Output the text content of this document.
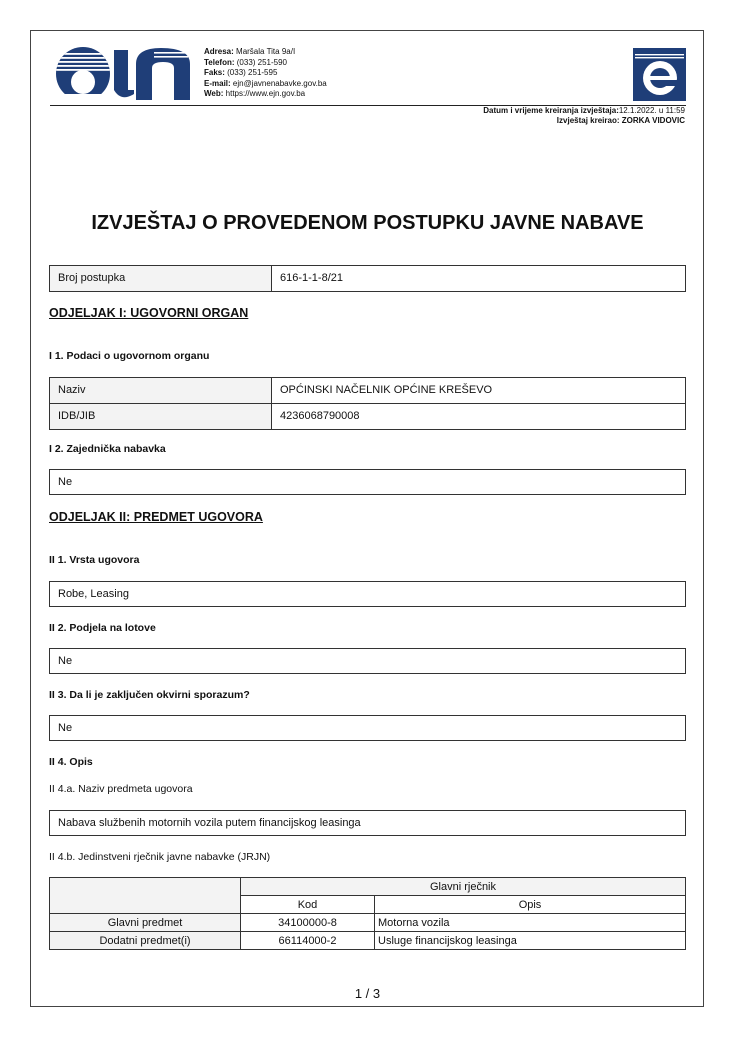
Adresa: Maršala Tita 9a/I
Telefon: (033) 251-590
Faks: (033) 251-595
E-mail: ejn@javnenabavke.gov.ba
Web: https://www.ejn.gov.ba
Datum i vrijeme kreiranja izvještaja:12.1.2022. u 11:59
Izvještaj kreirao: ZORKA VIDOVIC
IZVJEŠTAJ O PROVEDENOM POSTUPKU JAVNE NABAVE
Broj postupka	616-1-1-8/21
ODJELJAK I: UGOVORNI ORGAN
I 1. Podaci o ugovornom organu
Naziv	OPĆINSKI NAČELNIK OPĆINE KREŠEVO
IDB/JIB	4236068790008
I 2. Zajednička nabavka
Ne
ODJELJAK II: PREDMET UGOVORA
II 1. Vrsta ugovora
Robe, Leasing
II 2. Podjela na lotove
Ne
II 3. Da li je zaključen okvirni sporazum?
Ne
II 4. Opis
II 4.a. Naziv predmeta ugovora
Nabava službenih motornih vozila putem financijskog leasinga
II 4.b. Jedinstveni rječnik javne nabavke (JRJN)
	Glavni rječnik	
	Kod	Opis
Glavni predmet	34100000-8	Motorna vozila
Dodatni predmet(i)	66114000-2	Usluge financijskog leasinga
1 / 3
